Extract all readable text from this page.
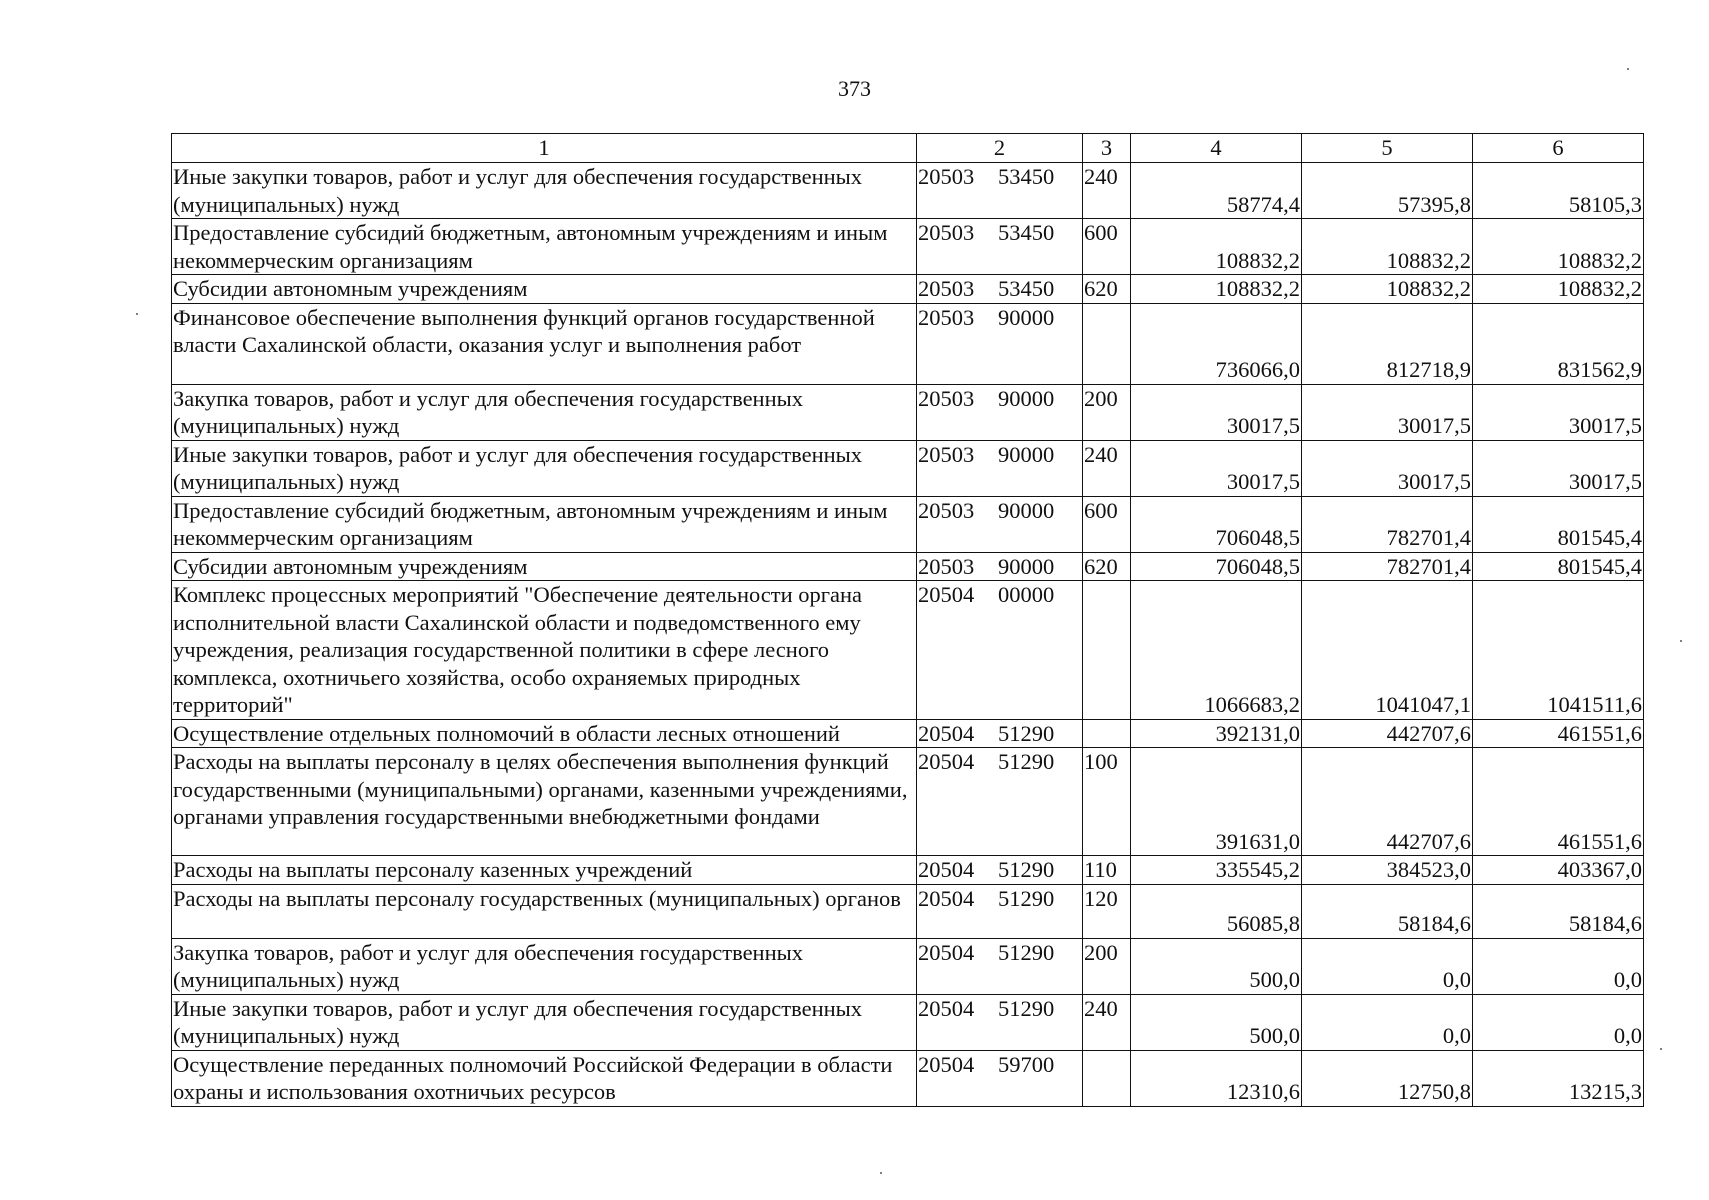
373
1	2	3	4	5	6
Иные закупки товаров, работ и услуг для обеспечения государственных (муниципальных) нужд	20503 53450	240	58774,4	57395,8	58105,3
Предоставление субсидий бюджетным, автономным учреждениям и иным некоммерческим организациям	20503 53450	600	108832,2	108832,2	108832,2
Субсидии автономным учреждениям	20503 53450	620	108832,2	108832,2	108832,2
Финансовое обеспечение выполнения функций органов государственной власти Сахалинской области, оказания услуг и выполнения работ	20503 90000		736066,0	812718,9	831562,9
Закупка товаров, работ и услуг для обеспечения государственных (муниципальных) нужд	20503 90000	200	30017,5	30017,5	30017,5
Иные закупки товаров, работ и услуг для обеспечения государственных (муниципальных) нужд	20503 90000	240	30017,5	30017,5	30017,5
Предоставление субсидий бюджетным, автономным учреждениям и иным некоммерческим организациям	20503 90000	600	706048,5	782701,4	801545,4
Субсидии автономным учреждениям	20503 90000	620	706048,5	782701,4	801545,4
Комплекс процессных мероприятий "Обеспечение деятельности органа исполнительной власти Сахалинской области и подведомственного ему учреждения, реализация государственной политики в сфере лесного комплекса, охотничьего хозяйства, особо охраняемых природных территорий"	20504 00000		1066683,2	1041047,1	1041511,6
Осуществление отдельных полномочий в области лесных отношений	20504 51290		392131,0	442707,6	461551,6
Расходы на выплаты персоналу в целях обеспечения выполнения функций государственными (муниципальными) органами, казенными учреждениями, органами управления государственными внебюджетными фондами	20504 51290	100	391631,0	442707,6	461551,6
Расходы на выплаты персоналу казенных учреждений	20504 51290	110	335545,2	384523,0	403367,0
Расходы на выплаты персоналу государственных (муниципальных) органов	20504 51290	120	56085,8	58184,6	58184,6
Закупка товаров, работ и услуг для обеспечения государственных (муниципальных) нужд	20504 51290	200	500,0	0,0	0,0
Иные закупки товаров, работ и услуг для обеспечения государственных (муниципальных) нужд	20504 51290	240	500,0	0,0	0,0
Осуществление переданных полномочий Российской Федерации в области охраны и использования охотничьих ресурсов	20504 59700		12310,6	12750,8	13215,3
